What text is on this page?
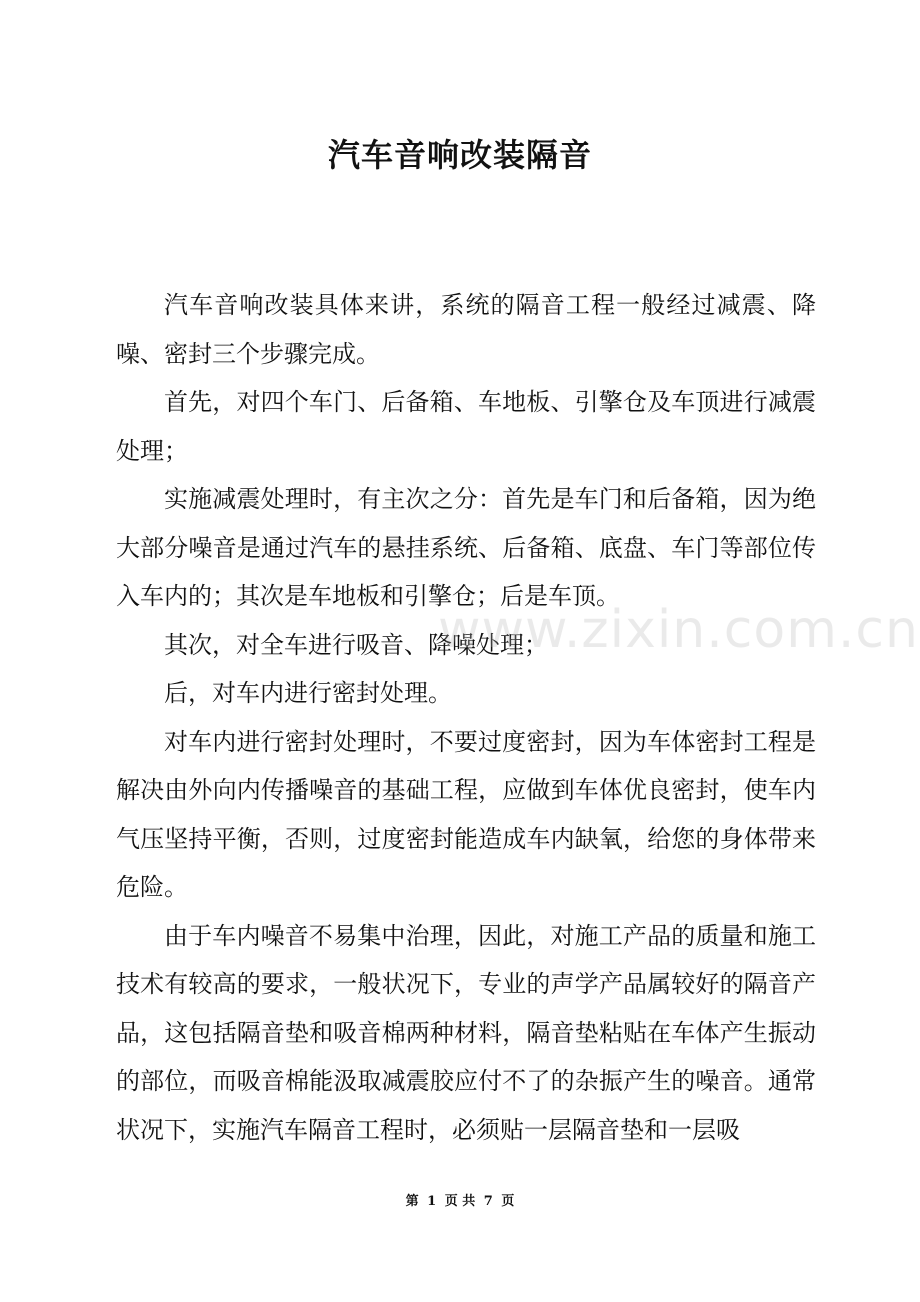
汽车音响改装隔音

汽车音响改装具体来讲，系统的隔音工程一般经过减震、降噪、密封三个步骤完成。

首先，对四个车门、后备箱、车地板、引擎仓及车顶进行减震处理；

实施减震处理时，有主次之分：首先是车门和后备箱，因为绝大部分噪音是通过汽车的悬挂系统、后备箱、底盘、车门等部位传入车内的；其次是车地板和引擎仓；后是车顶。

其次，对全车进行吸音、降噪处理；

后，对车内进行密封处理。

对车内进行密封处理时，不要过度密封，因为车体密封工程是解决由外向内传播噪音的基础工程，应做到车体优良密封，使车内气压坚持平衡，否则，过度密封能造成车内缺氧，给您的身体带来危险。

由于车内噪音不易集中治理，因此，对施工产品的质量和施工技术有较高的要求，一般状况下，专业的声学产品属较好的隔音产品，这包括隔音垫和吸音棉两种材料，隔音垫粘贴在车体产生振动的部位，而吸音棉能汲取减震胶应付不了的杂振产生的噪音。通常状况下，实施汽车隔音工程时，必须贴一层隔音垫和一层吸

www.zixin.com.cn
第 1 页 共 7 页
